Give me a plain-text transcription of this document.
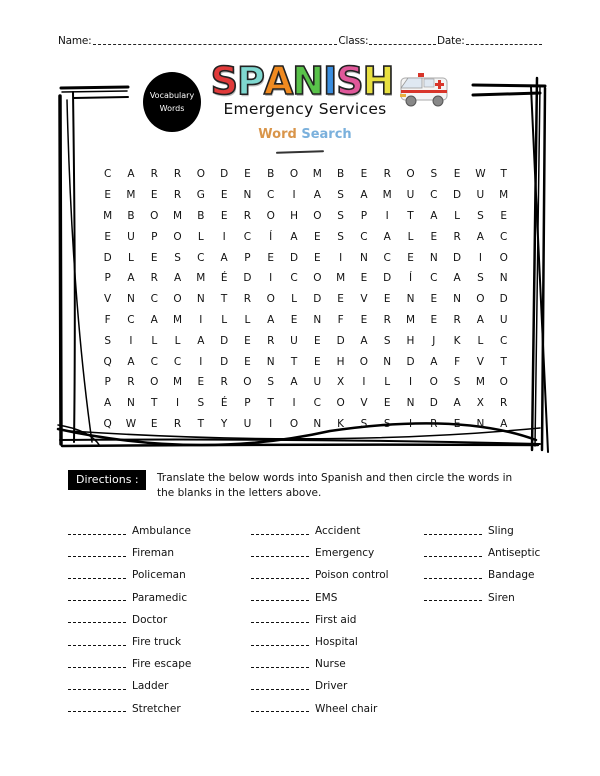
Name:	Class:	Date:
Vocabulary
Words
S P A N I S H
Emergency Services
Word Search
C	A	R	R	O	D	E	B	O	M	B	E	R	O	S	E	W	T
E	M	E	R	G	E	N	C	I	A	S	A	M	U	C	D	U	M
M	B	O	M	B	E	R	O	H	O	S	P	I	T	A	L	S	E
E	U	P	O	L	I	C	Í	A	E	S	C	A	L	E	R	A	C
D	L	E	S	C	A	P	E	D	E	I	N	C	E	N	D	I	O
P	A	R	A	M	É	D	I	C	O	M	E	D	Í	C	A	S	N
V	N	C	O	N	T	R	O	L	D	E	V	E	N	E	N	O	D
F	C	A	M	I	L	L	A	E	N	F	E	R	M	E	R	A	U
S	I	L	L	A	D	E	R	U	E	D	A	S	H	J	K	L	C
Q	A	C	C	I	D	E	N	T	E	H	O	N	D	A	F	V	T
P	R	O	M	E	R	O	S	A	U	X	I	L	I	O	S	M	O
A	N	T	I	S	É	P	T	I	C	O	V	E	N	D	A	X	R
Q	W	E	R	T	Y	U	I	O	N	K	S	S	I	R	E	N	A
Directions :	Translate the below words into Spanish and then circle the words in the blanks in the letters above.
Ambulance
Fireman
Policeman
Paramedic
Doctor
Fire truck
Fire escape
Ladder
Stretcher
Accident
Emergency
Poison control
EMS
First aid
Hospital
Nurse
Driver
Wheel chair
Sling
Antiseptic
Bandage
Siren
